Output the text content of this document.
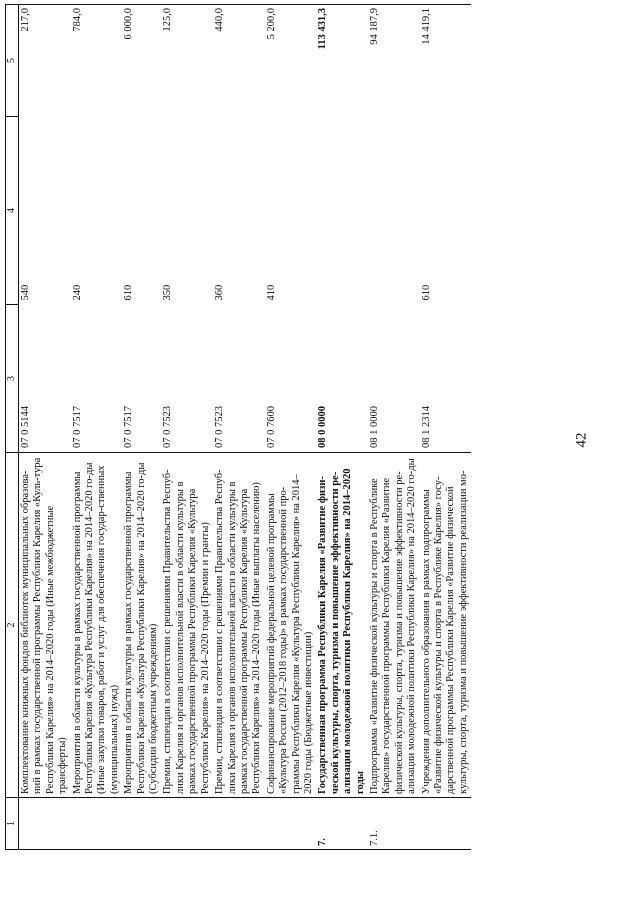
42
1	2	3	4	5
	Комплектование книжных фондов библиотек муниципальных образова-ний в рамках государственной программы Республики Карелия «Куль-тура Республики Карелия» на 2014–2020 годы (Иные межбюджетные трансферты)	07 0 5144	540	217,0
	Мероприятия в области культуры в рамках государственной программы Республики Карелия «Культура Республики Карелия» на 2014–2020 го-ды (Иные закупки товаров, работ и услуг для обеспечения государ-ственных (муниципальных) нужд)	07 0 7517	240	784,0
	Мероприятия в области культуры в рамках государственной программы Республики Карелия «Культура Республики Карелия» на 2014–2020 го-ды (Субсидии бюджетным учреждениям)	07 0 7517	610	6 000,0
	Премии, стипендии в соответствии с решениями Правительства Респуб-лики Карелия и органов исполнительной власти в области культуры в рамках государственной программы Республики Карелия «Культура Республики Карелия» на 2014–2020 годы (Премии и гранты)	07 0 7523	350	125,0
	Премии, стипендии в соответствии с решениями Правительства Респуб-лики Карелия и органов исполнительной власти в области культуры в рамках государственной программы Республики Карелия «Культура Республики Карелия» на 2014–2020 годы (Иные выплаты населению)	07 0 7523	360	440,0
	Софинансирование мероприятий федеральной целевой программы «Культура России (2012–2018 годы)» в рамках государственной про-граммы Республики Карелия «Культура Республики Карелия» на 2014–2020 годы (Бюджетные инвестиции)	07 0 7600	410	5 200,0
7.	Государственная программа Республики Карелия «Развитие физи-ческой культуры, спорта, туризма и повышение эффективности ре-ализации молодежной политики Республики Карелия» на 2014–2020 годы	08 0 0000		113 431,3
7.1.	Подпрограмма «Развитие физической культуры и спорта в Республике Карелия» государственной программы Республики Карелия «Развитие физической культуры, спорта, туризма и повышение эффективности ре-ализации молодежной политики Республики Карелия» на 2014–2020 го-ды	08 1 0000		94 187,9
	Учреждения дополнительного образования в рамках подпрограммы «Развитие физической культуры и спорта в Республике Карелия» госу-дарственной программы Республики Карелия «Развитие физической культуры, спорта, туризма и повышение эффективности реализации мо-	08 1 2314	610	14 419,1
